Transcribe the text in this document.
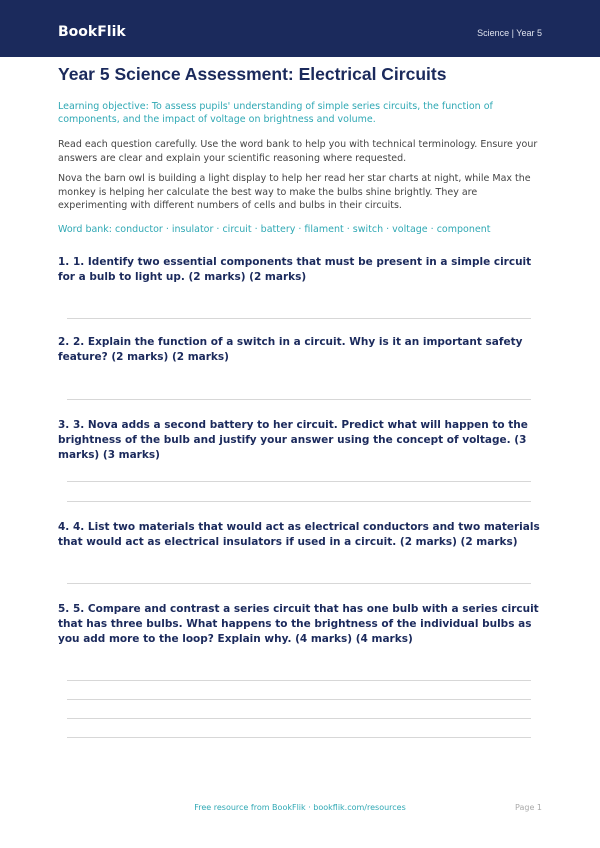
BookFlik	Science | Year 5
Year 5 Science Assessment: Electrical Circuits
Learning objective: To assess pupils' understanding of simple series circuits, the function of components, and the impact of voltage on brightness and volume.
Read each question carefully. Use the word bank to help you with technical terminology. Ensure your answers are clear and explain your scientific reasoning where requested.
Nova the barn owl is building a light display to help her read her star charts at night, while Max the monkey is helping her calculate the best way to make the bulbs shine brightly. They are experimenting with different numbers of cells and bulbs in their circuits.
Word bank: conductor · insulator · circuit · battery · filament · switch · voltage · component
1. 1. Identify two essential components that must be present in a simple circuit for a bulb to light up. (2 marks) (2 marks)
2. 2. Explain the function of a switch in a circuit. Why is it an important safety feature? (2 marks) (2 marks)
3. 3. Nova adds a second battery to her circuit. Predict what will happen to the brightness of the bulb and justify your answer using the concept of voltage. (3 marks) (3 marks)
4. 4. List two materials that would act as electrical conductors and two materials that would act as electrical insulators if used in a circuit. (2 marks) (2 marks)
5. 5. Compare and contrast a series circuit that has one bulb with a series circuit that has three bulbs. What happens to the brightness of the individual bulbs as you add more to the loop? Explain why. (4 marks) (4 marks)
Free resource from BookFlik · bookflik.com/resources	Page 1
